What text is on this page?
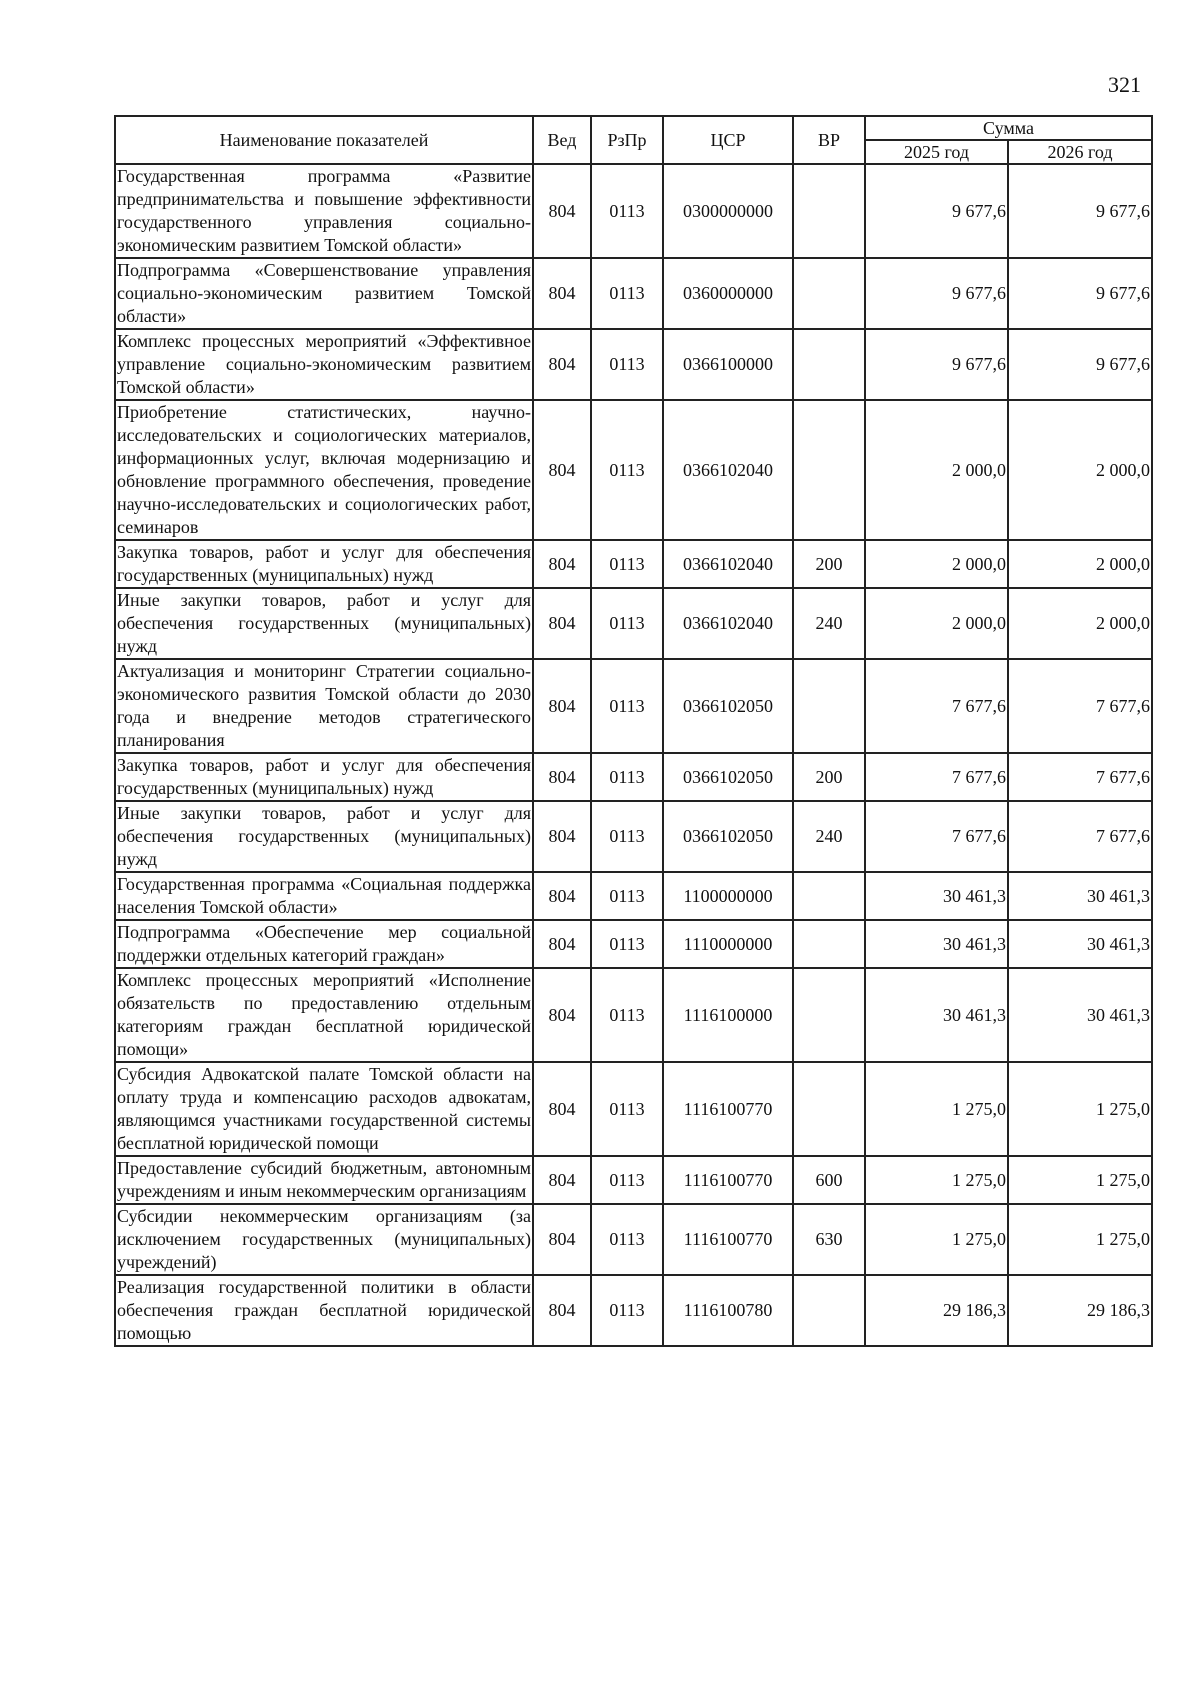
321
Наименование показателей	Вед	РзПр	ЦСР	ВР	Сумма	
					2025 год	2026 год
Государственная программа «Развитие предпринимательства и повышение эффективности государственного управления социально-экономическим развитием Томской области»	804	0113	0300000000		9 677,6	9 677,6
Подпрограмма «Совершенствование управления социально-экономическим развитием Томской области»	804	0113	0360000000		9 677,6	9 677,6
Комплекс процессных мероприятий «Эффективное управление социально-экономическим развитием Томской области»	804	0113	0366100000		9 677,6	9 677,6
Приобретение статистических, научно-исследовательских и социологических материалов, информационных услуг, включая модернизацию и обновление программного обеспечения, проведение научно-исследовательских и социологических работ, семинаров	804	0113	0366102040		2 000,0	2 000,0
Закупка товаров, работ и услуг для обеспечения государственных (муниципальных) нужд	804	0113	0366102040	200	2 000,0	2 000,0
Иные закупки товаров, работ и услуг для обеспечения государственных (муниципальных) нужд	804	0113	0366102040	240	2 000,0	2 000,0
Актуализация и мониторинг Стратегии социально-экономического развития Томской области до 2030 года и внедрение методов стратегического планирования	804	0113	0366102050		7 677,6	7 677,6
Закупка товаров, работ и услуг для обеспечения государственных (муниципальных) нужд	804	0113	0366102050	200	7 677,6	7 677,6
Иные закупки товаров, работ и услуг для обеспечения государственных (муниципальных) нужд	804	0113	0366102050	240	7 677,6	7 677,6
Государственная программа «Социальная поддержка населения Томской области»	804	0113	1100000000		30 461,3	30 461,3
Подпрограмма «Обеспечение мер социальной поддержки отдельных категорий граждан»	804	0113	1110000000		30 461,3	30 461,3
Комплекс процессных мероприятий «Исполнение обязательств по предоставлению отдельным категориям граждан бесплатной юридической помощи»	804	0113	1116100000		30 461,3	30 461,3
Субсидия Адвокатской палате Томской области на оплату труда и компенсацию расходов адвокатам, являющимся участниками государственной системы бесплатной юридической помощи	804	0113	1116100770		1 275,0	1 275,0
Предоставление субсидий бюджетным, автономным учреждениям и иным некоммерческим организациям	804	0113	1116100770	600	1 275,0	1 275,0
Субсидии некоммерческим организациям (за исключением государственных (муниципальных) учреждений)	804	0113	1116100770	630	1 275,0	1 275,0
Реализация государственной политики в области обеспечения граждан бесплатной юридической помощью	804	0113	1116100780		29 186,3	29 186,3
